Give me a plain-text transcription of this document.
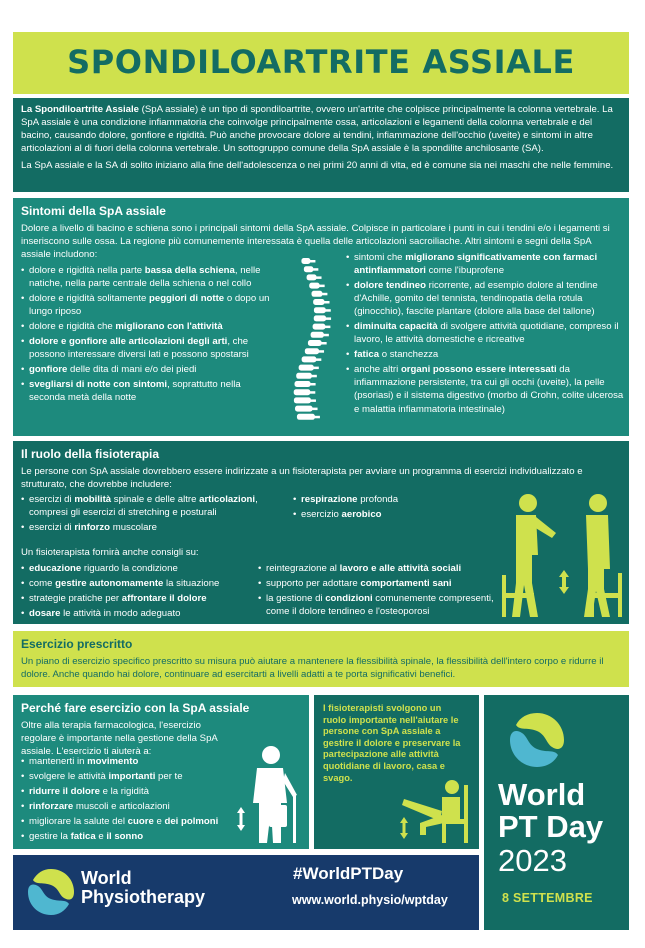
SPONDILOARTRITE ASSIALE

La Spondiloartrite Assiale (SpA assiale) è un tipo di spondiloartrite, ovvero un'artrite che colpisce principalmente la colonna vertebrale. La SpA assiale è una condizione infiammatoria che coinvolge principalmente ossa, articolazioni e legamenti della colonna vertebrale e del bacino, causando dolore, gonfiore e rigidità. Può anche provocare dolore ai tendini, infiammazione dell'occhio (uveite) e sintomi in altre articolazioni al di fuori della colonna vertebrale. Un sottogruppo comune della SpA assiale è la spondilite anchilosante (SA).

La SpA assiale e la SA di solito iniziano alla fine dell'adolescenza o nei primi 20 anni di vita, ed è comune sia nei maschi che nelle femmine.

Sintomi della SpA assiale

Dolore a livello di bacino e schiena sono i principali sintomi della SpA assiale. Colpisce in particolare i punti in cui i tendini e/o i legamenti si inseriscono sulle ossa. La regione più comunemente interessata è quella delle articolazioni sacroiliache. Altri sintomi e segni della SpA assiale includono:

• dolore e rigidità nella parte bassa della schiena, nelle natiche, nella parte centrale della schiena o nel collo
• dolore e rigidità solitamente peggiori di notte o dopo un lungo riposo
• dolore e rigidità che migliorano con l'attività
• dolore e gonfiore alle articolazioni degli arti, che possono interessare diversi lati e possono spostarsi
• gonfiore delle dita di mani e/o dei piedi
• svegliarsi di notte con sintomi, soprattutto nella seconda metà della notte
• sintomi che migliorano significativamente con farmaci antinfiammatori come l'ibuprofene
• dolore tendineo ricorrente, ad esempio dolore al tendine d'Achille, gomito del tennista, tendinopatia della rotula (ginocchio), fascite plantare (dolore alla base del tallone)
• diminuita capacità di svolgere attività quotidiane, compreso il lavoro, le attività domestiche e ricreative
• fatica o stanchezza
• anche altri organi possono essere interessati da infiammazione persistente, tra cui gli occhi (uveite), la pelle (psoriasi) e il sistema digestivo (morbo di Crohn, colite ulcerosa e malattia infiammatoria intestinale)
Il ruolo della fisioterapia

Le persone con SpA assiale dovrebbero essere indirizzate a un fisioterapista per avviare un programma di esercizi individualizzato e strutturato, che dovrebbe includere:

• esercizi di mobilità spinale e delle altre articolazioni, compresi gli esercizi di stretching e posturali
• esercizi di rinforzo muscolare
• respirazione profonda
• esercizio aerobico

Un fisioterapista fornirà anche consigli su:

• educazione riguardo la condizione
• come gestire autonomamente la situazione
• strategie pratiche per affrontare il dolore
• dosare le attività in modo adeguato
• reintegrazione al lavoro e alle attività sociali
• supporto per adottare comportamenti sani
• la gestione di condizioni comunemente compresenti, come il dolore tendineo e l'osteoporosi
Esercizio prescritto

Un piano di esercizio specifico prescritto su misura può aiutare a mantenere la flessibilità spinale, la flessibilità dell'intero corpo e ridurre il dolore. Anche quando hai dolore, continuare ad esercitarti a livelli adatti a te porta significativi benefici.

Perché fare esercizio con la SpA assiale

Oltre alla terapia farmacologica, l'esercizio regolare è importante nella gestione della SpA assiale. L'esercizio ti aiuterà a:

• mantenerti in movimento
• svolgere le attività importanti per te
• ridurre il dolore e la rigidità
• rinforzare muscoli e articolazioni
• migliorare la salute del cuore e dei polmoni
• gestire la fatica e il sonno

I fisioterapisti svolgono un ruolo importante nell'aiutare le persone con SpA assiale a gestire il dolore e preservare la partecipazione alle attività quotidiane di lavoro, casa e svago.	World
PT Day
2023
8 SETTEMBRE
World
Physiotherapy
#WorldPTDay
www.world.physio/wptday
